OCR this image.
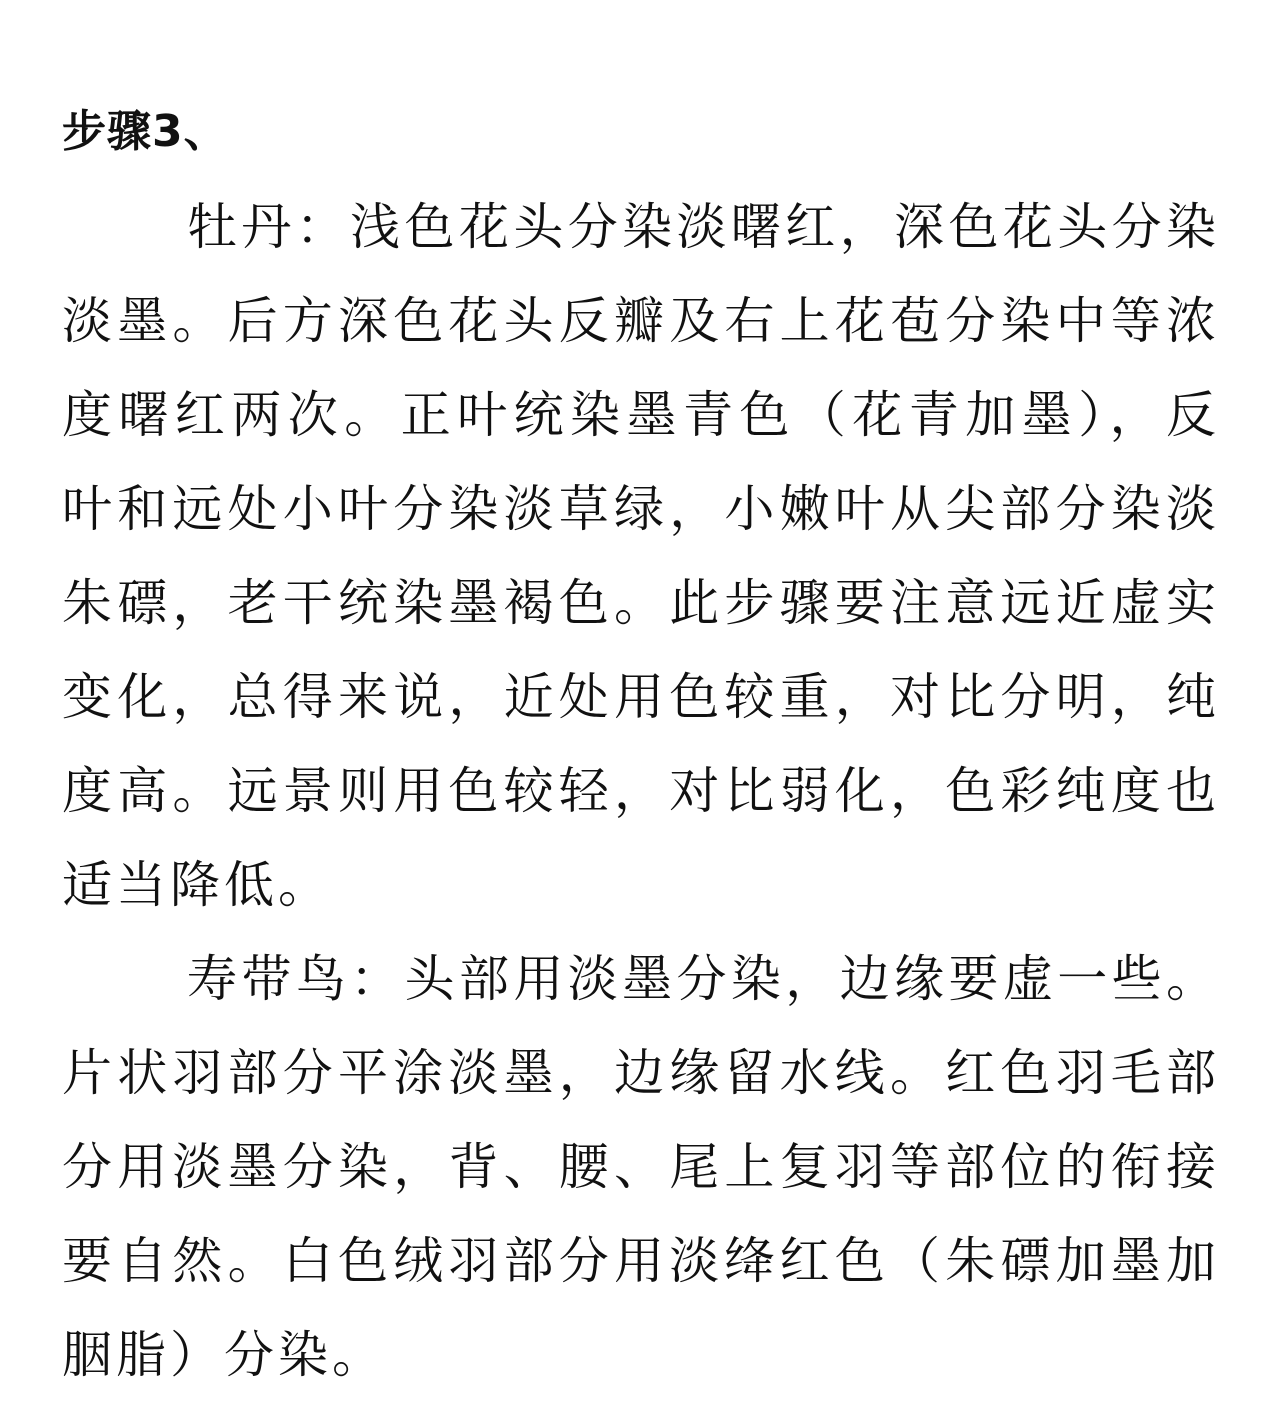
步骤3、

牡丹：浅色花头分染淡曙红，深色花头分染淡墨。后方深色花头反瓣及右上花苞分染中等浓度曙红两次。正叶统染墨青色（花青加墨），反叶和远处小叶分染淡草绿，小嫩叶从尖部分染淡朱磦，老干统染墨褐色。此步骤要注意远近虚实变化，总得来说，近处用色较重，对比分明，纯度高。远景则用色较轻，对比弱化，色彩纯度也适当降低。

寿带鸟：头部用淡墨分染，边缘要虚一些。片状羽部分平涂淡墨，边缘留水线。红色羽毛部分用淡墨分染，背、腰、尾上复羽等部位的衔接要自然。白色绒羽部分用淡绛红色（朱磦加墨加胭脂）分染。
